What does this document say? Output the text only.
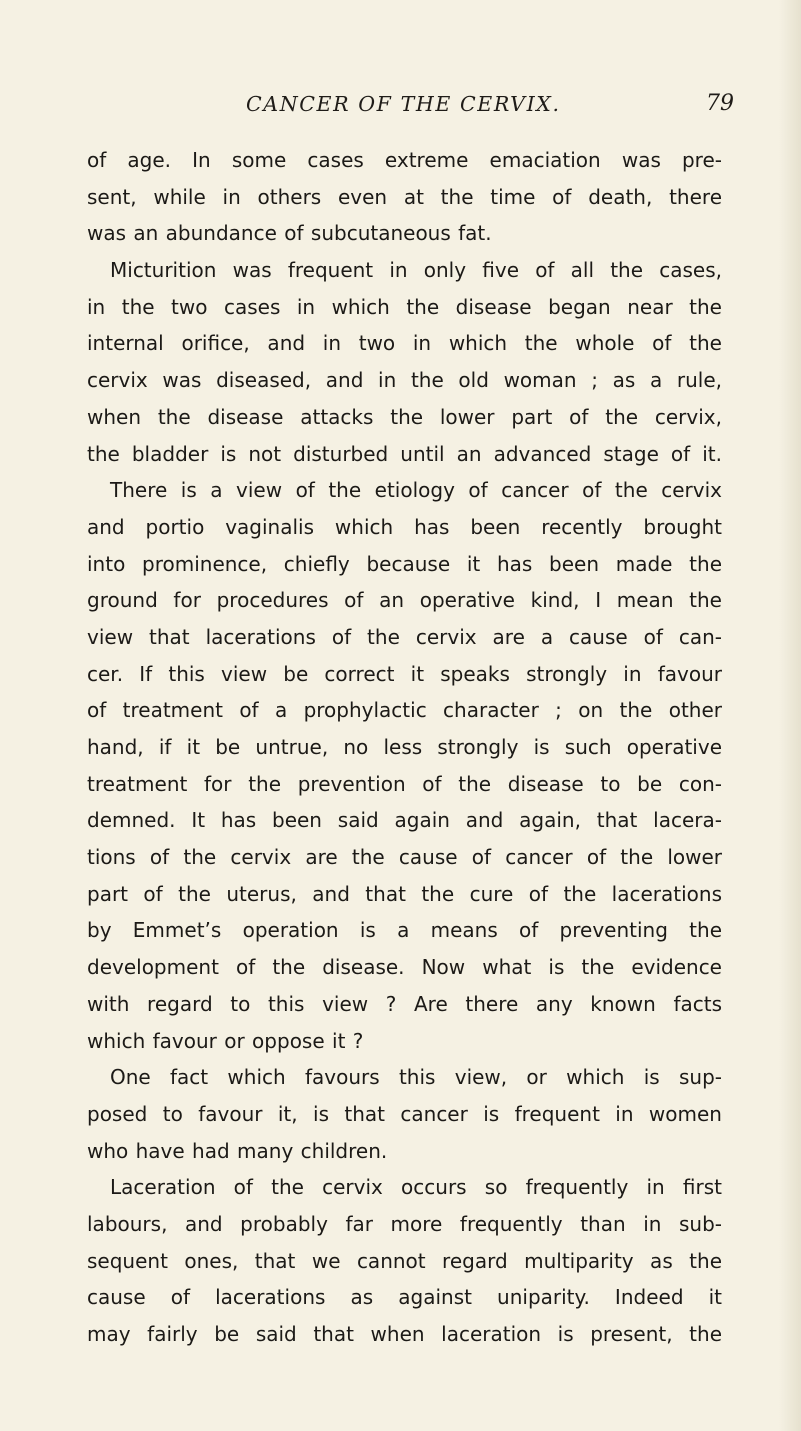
CANCER OF THE CERVIX.	79
of age. In some cases extreme emaciation was pre-
sent, while in others even at the time of death, there
was an abundance of subcutaneous fat.
Micturition was frequent in only five of all the cases,
in the two cases in which the disease began near the
internal orifice, and in two in which the whole of the
cervix was diseased, and in the old woman ; as a rule,
when the disease attacks the lower part of the cervix,
the bladder is not disturbed until an advanced stage of it.
There is a view of the etiology of cancer of the cervix
and portio vaginalis which has been recently brought
into prominence, chiefly because it has been made the
ground for procedures of an operative kind, I mean the
view that lacerations of the cervix are a cause of can-
cer. If this view be correct it speaks strongly in favour
of treatment of a prophylactic character ; on the other
hand, if it be untrue, no less strongly is such operative
treatment for the prevention of the disease to be con-
demned. It has been said again and again, that lacera-
tions of the cervix are the cause of cancer of the lower
part of the uterus, and that the cure of the lacerations
by Emmet’s operation is a means of preventing the
development of the disease. Now what is the evidence
with regard to this view ? Are there any known facts
which favour or oppose it ?
One fact which favours this view, or which is sup-
posed to favour it, is that cancer is frequent in women
who have had many children.
Laceration of the cervix occurs so frequently in first
labours, and probably far more frequently than in sub-
sequent ones, that we cannot regard multiparity as the
cause of lacerations as against uniparity. Indeed it
may fairly be said that when laceration is present, the
